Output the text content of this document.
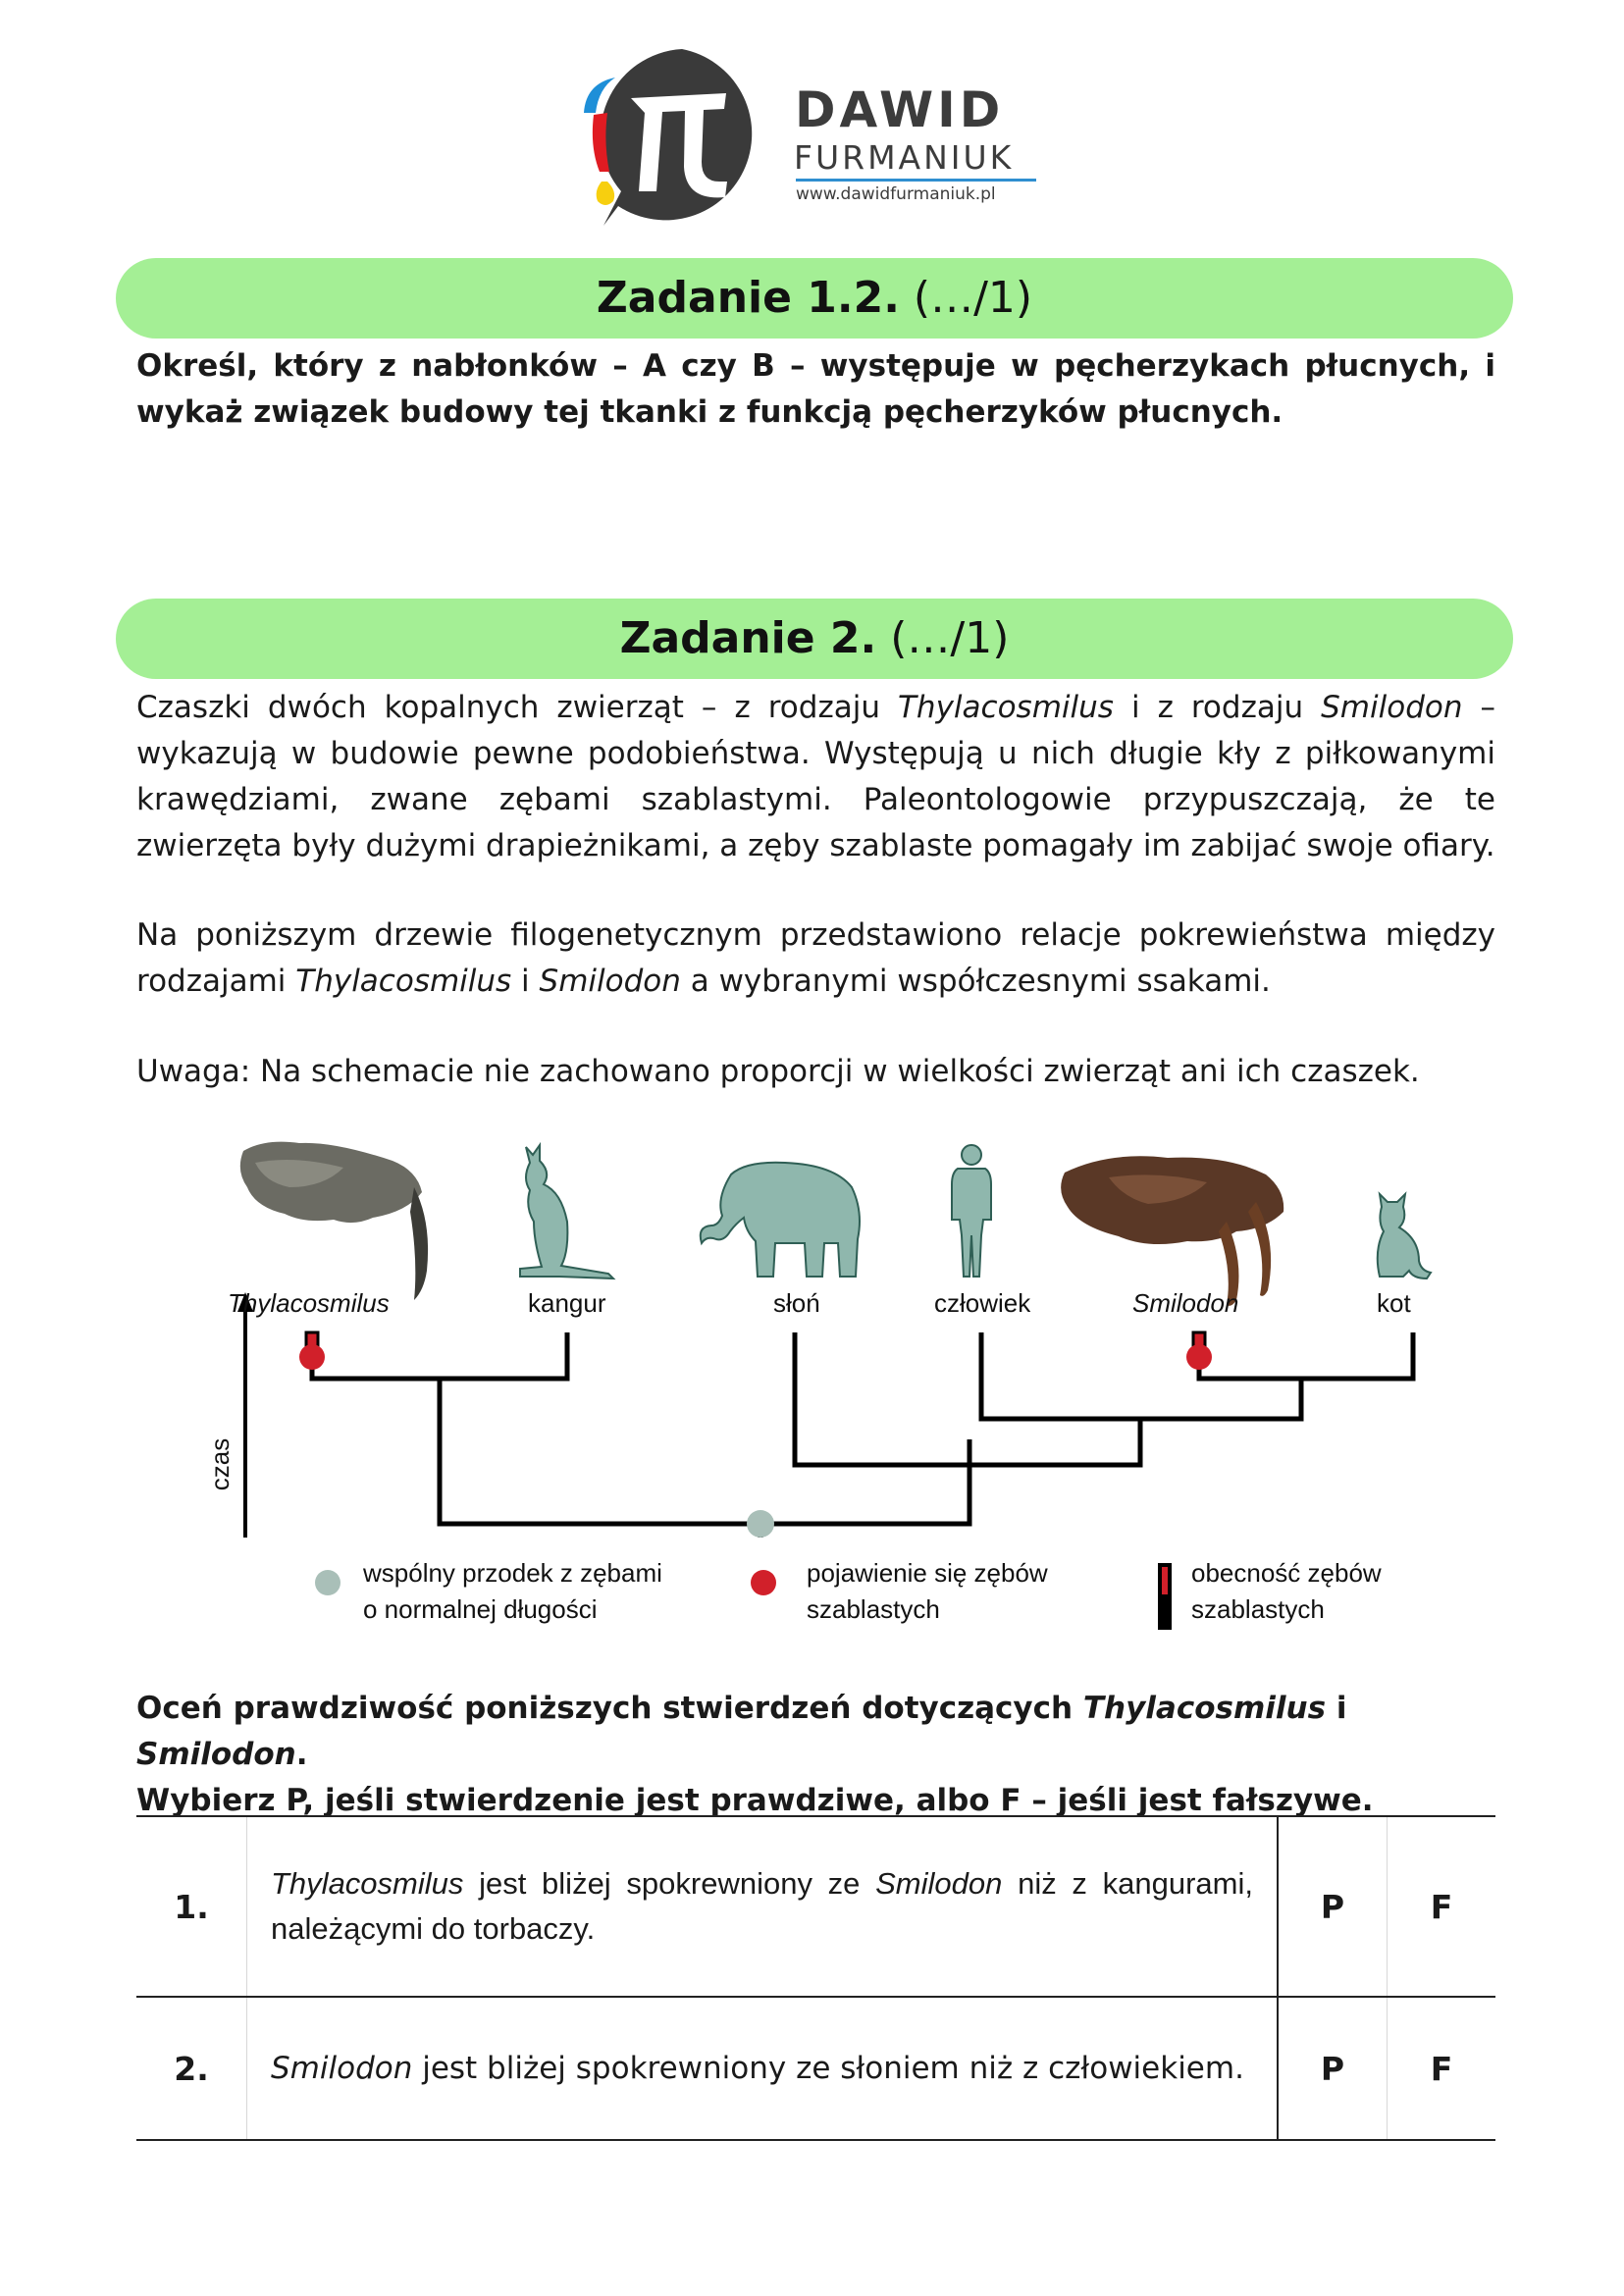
DAWID
FURMANIUK
www.dawidfurmaniuk.pl
Zadanie 1.2. (…/1)
Określ, który z nabłonków – A czy B – występuje w pęcherzykach płucnych, i wykaż związek budowy tej tkanki z funkcją pęcherzyków płucnych.
Zadanie 2. (…/1)
Czaszki dwóch kopalnych zwierząt – z rodzaju Thylacosmilus i z rodzaju Smilodon – wykazują w budowie pewne podobieństwa. Występują u nich długie kły z piłkowanymi krawędziami, zwane zębami szablastymi. Paleontologowie przypuszczają, że te zwierzęta były dużymi drapieżnikami, a zęby szablaste pomagały im zabijać swoje ofiary.
Na poniższym drzewie filogenetycznym przedstawiono relacje pokrewieństwa między rodzajami Thylacosmilus i Smilodon a wybranymi współczesnymi ssakami.
Uwaga: Na schemacie nie zachowano proporcji w wielkości zwierząt ani ich czaszek.
Thylacosmilus	kangur	słoń	człowiek	Smilodon	kot
czas
wspólny przodek z zębami
o normalnej długości
pojawienie się zębów
szablastych
obecność zębów
szablastych
Oceń prawdziwość poniższych stwierdzeń dotyczących Thylacosmilus i Smilodon.
Wybierz P, jeśli stwierdzenie jest prawdziwe, albo F – jeśli jest fałszywe.
1.	Thylacosmilus jest bliżej spokrewniony ze Smilodon niż z kangurami, należącymi do torbaczy.	P	F
2.	Smilodon jest bliżej spokrewniony ze słoniem niż z człowiekiem.	P	F
